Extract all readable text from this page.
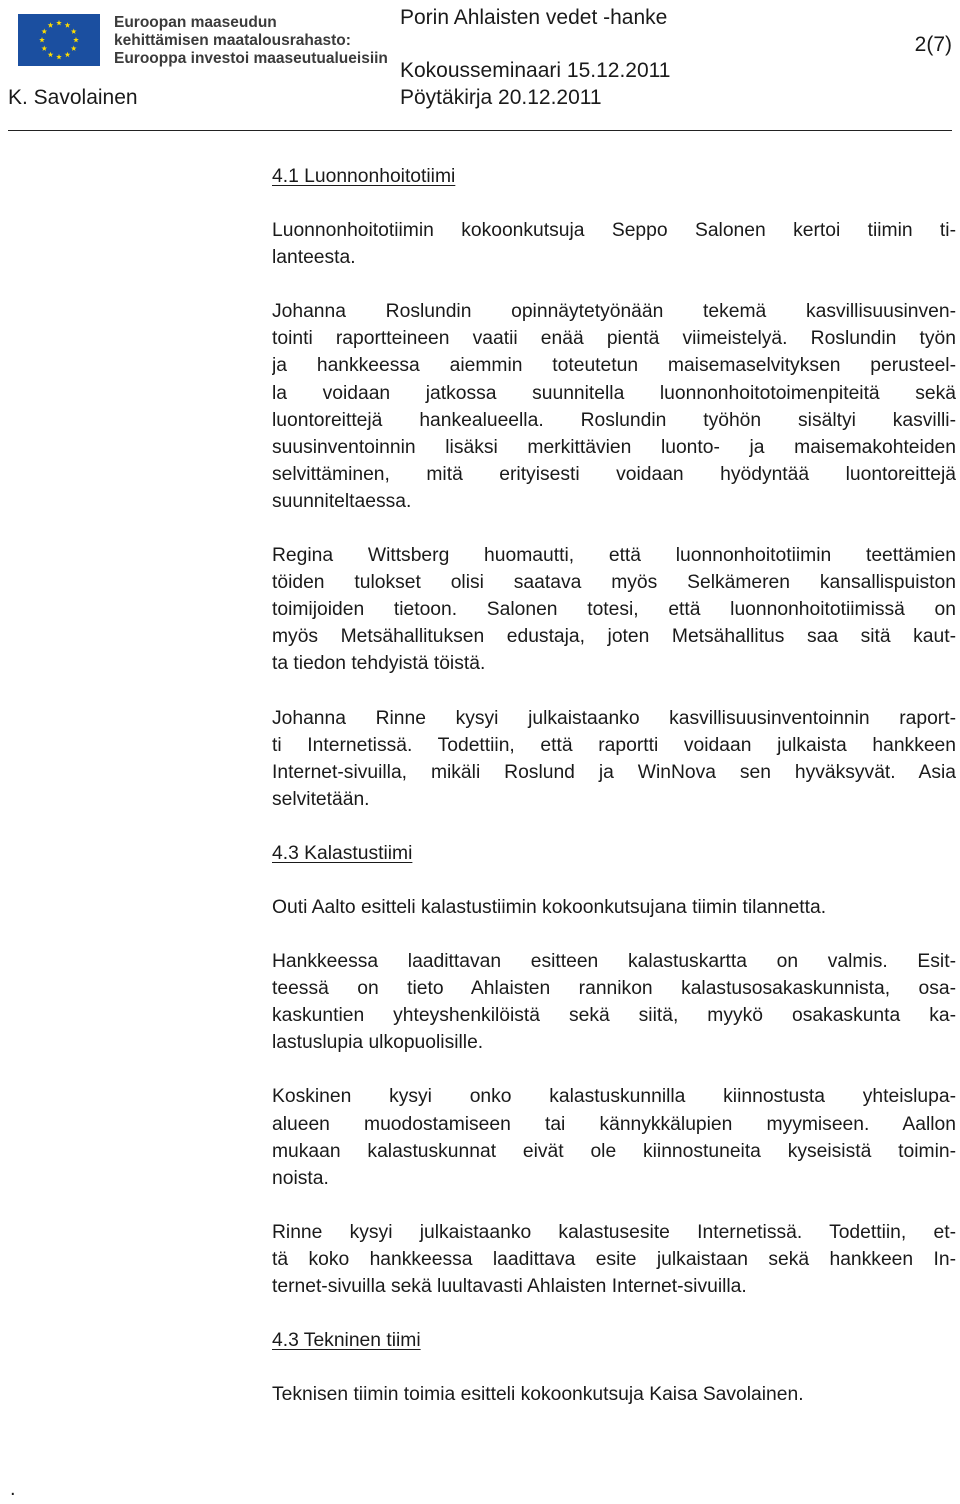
Euroopan maaseudun
kehittämisen maatalousrahasto:
Eurooppa investoi maaseutualueisiin
Porin Ahlaisten vedet -hanke
2(7)
Kokousseminaari 15.12.2011
K. Savolainen	Pöytäkirja 20.12.2011
4.1 Luonnonhoitotiimi
Luonnonhoitotiimin kokoonkutsuja Seppo Salonen kertoi tiimin ti-
lanteesta.
Johanna Roslundin opinnäytetyönään tekemä kasvillisuusinven-
tointi raportteineen vaatii enää pientä viimeistelyä. Roslundin työn
ja hankkeessa aiemmin toteutetun maisemaselvityksen perusteel-
la voidaan jatkossa suunnitella luonnonhoitotoimenpiteitä sekä
luontoreittejä hankealueella. Roslundin työhön sisältyi kasvilli-
suusinventoinnin lisäksi merkittävien luonto- ja maisemakohteiden
selvittäminen, mitä erityisesti voidaan hyödyntää luontoreittejä
suunniteltaessa.
Regina Wittsberg huomautti, että luonnonhoitotiimin teettämien
töiden tulokset olisi saatava myös Selkämeren kansallispuiston
toimijoiden tietoon. Salonen totesi, että luonnonhoitotiimissä on
myös Metsähallituksen edustaja, joten Metsähallitus saa sitä kaut-
ta tiedon tehdyistä töistä.
Johanna Rinne kysyi julkaistaanko kasvillisuusinventoinnin raport-
ti Internetissä. Todettiin, että raportti voidaan julkaista hankkeen
Internet-sivuilla, mikäli Roslund ja WinNova sen hyväksyvät. Asia
selvitetään.
4.3 Kalastustiimi
Outi Aalto esitteli kalastustiimin kokoonkutsujana tiimin tilannetta.
Hankkeessa laadittavan esitteen kalastuskartta on valmis. Esit-
teessä on tieto Ahlaisten rannikon kalastusosakaskunnista, osa-
kaskuntien yhteyshenkilöistä sekä siitä, myykö osakaskunta ka-
lastuslupia ulkopuolisille.
Koskinen kysyi onko kalastuskunnilla kiinnostusta yhteislupa-
alueen muodostamiseen tai kännykkälupien myymiseen. Aallon
mukaan kalastuskunnat eivät ole kiinnostuneita kyseisistä toimin-
noista.
Rinne kysyi julkaistaanko kalastusesite Internetissä. Todettiin, et-
tä koko hankkeessa laadittava esite julkaistaan sekä hankkeen In-
ternet-sivuilla sekä luultavasti Ahlaisten Internet-sivuilla.
4.3 Tekninen tiimi
Teknisen tiimin toimia esitteli kokoonkutsuja Kaisa Savolainen.
.
